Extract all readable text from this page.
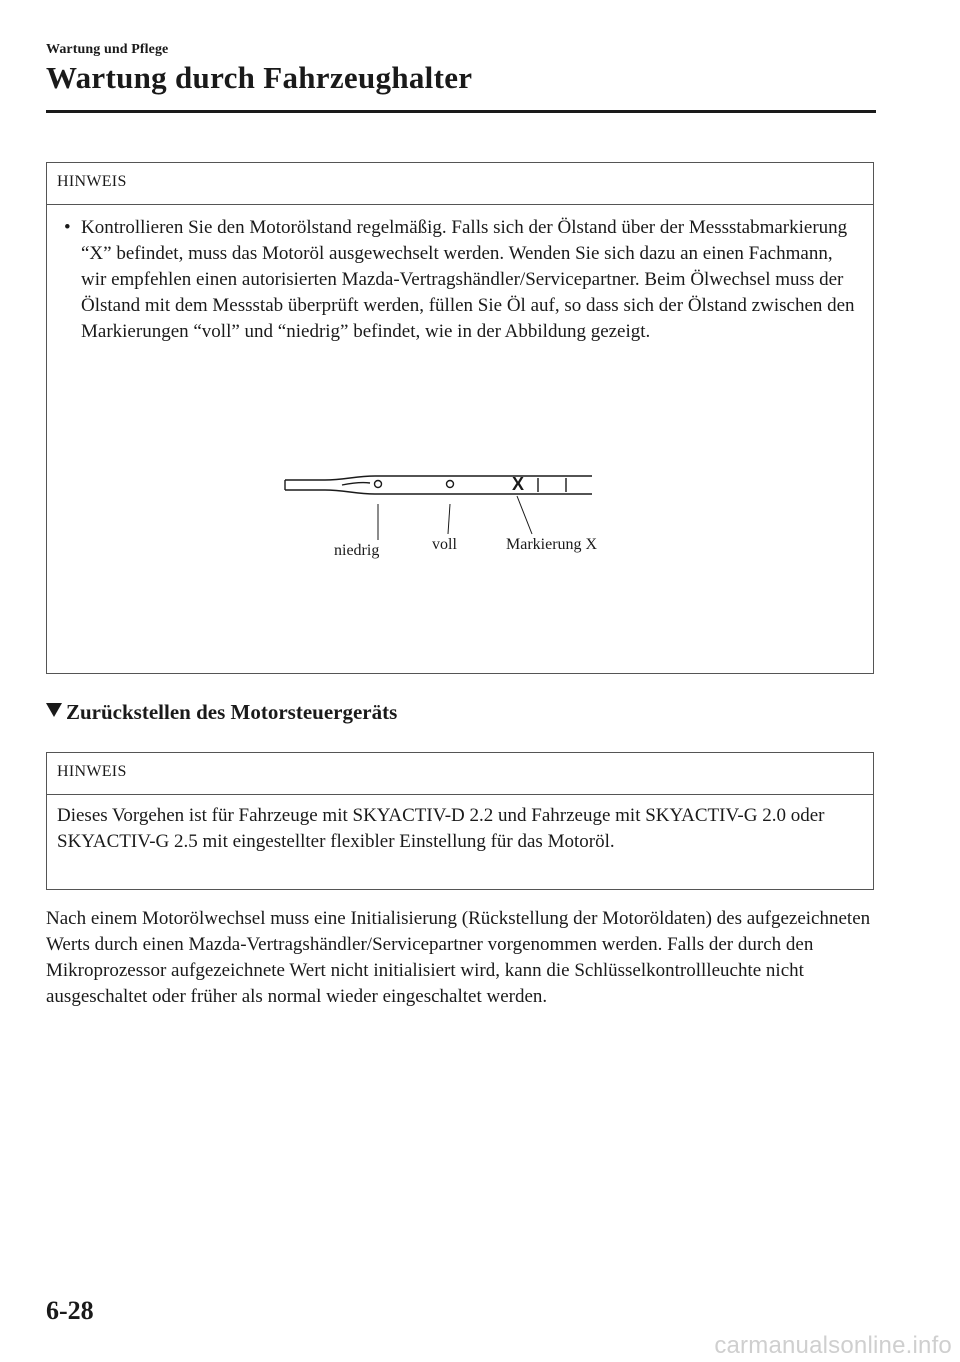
Wartung und Pflege
Wartung durch Fahrzeughalter
HINWEIS
• Kontrollieren Sie den Motorölstand regelmäßig. Falls sich der Ölstand über der Messstabmarkierung “X” befindet, muss das Motoröl ausgewechselt werden. Wenden Sie sich dazu an einen Fachmann, wir empfehlen einen autorisierten Mazda-Vertragshändler/Servicepartner. Beim Ölwechsel muss der Ölstand mit dem Messstab überprüft werden, füllen Sie Öl auf, so dass sich der Ölstand zwischen den Markierungen “voll” und “niedrig” befindet, wie in der Abbildung gezeigt.
X
niedrig	voll	Markierung X
Zurückstellen des Motorsteuergeräts
HINWEIS
Dieses Vorgehen ist für Fahrzeuge mit SKYACTIV-D 2.2 und Fahrzeuge mit SKYACTIV-G 2.0 oder SKYACTIV-G 2.5 mit eingestellter flexibler Einstellung für das Motoröl.

Nach einem Motorölwechsel muss eine Initialisierung (Rückstellung der Motoröldaten) des aufgezeichneten Werts durch einen Mazda-Vertragshändler/Servicepartner vorgenommen werden. Falls der durch den Mikroprozessor aufgezeichnete Wert nicht initialisiert wird, kann die Schlüsselkontrollleuchte nicht ausgeschaltet oder früher als normal wieder eingeschaltet werden.

6-28
carmanualsonline.info
